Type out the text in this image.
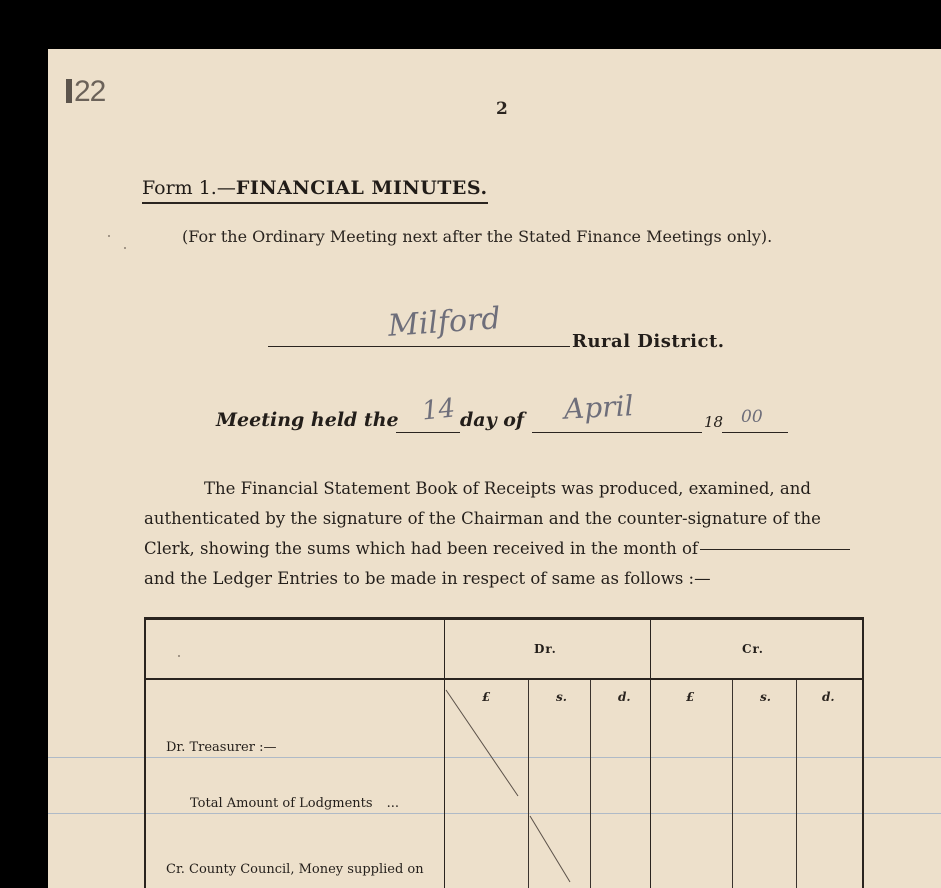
22
2
Form 1.—FINANCIAL MINUTES.
(For the Ordinary Meeting next after the Stated Finance Meetings only).
Milford	Rural District.
Meeting held the 14 day of April	18 00
The Financial Statement Book of Receipts was produced, examined, and
authenticated by the signature of the Chairman and the counter-signature of the
Clerk, showing the sums which had been received in the month of
and the Ledger Entries to be made in respect of same as follows :—
Dr.	Cr.
£	s.	d.	£	s.	d.
Dr. Treasurer :—
Total Amount of Lodgments ...
Cr. County Council, Money supplied on
